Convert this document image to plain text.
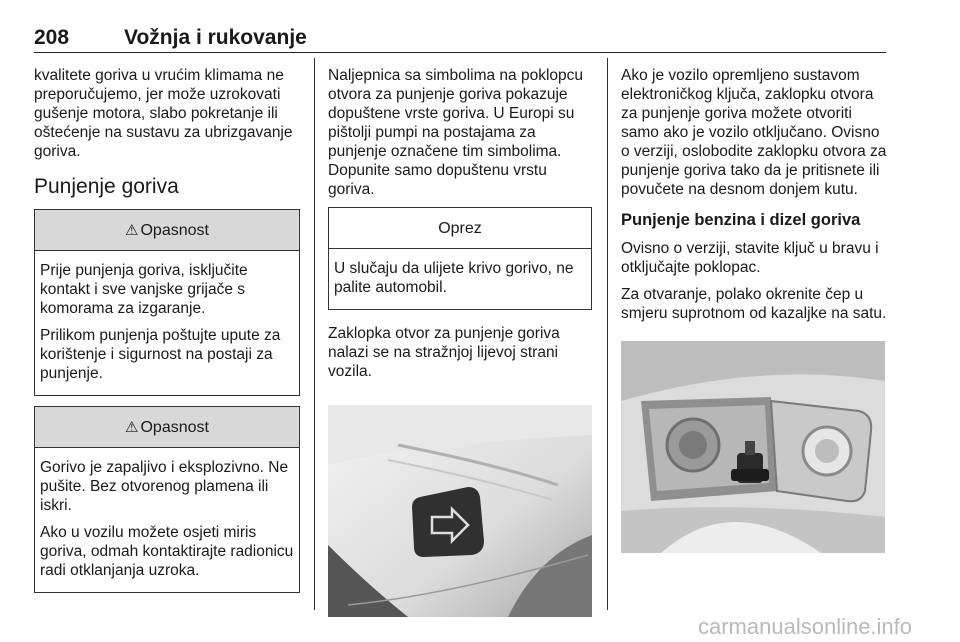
208	Vožnja i rukovanje

kvalitete goriva u vrućim klimama ne preporučujemo, jer može uzrokovati gušenje motora, slabo pokretanje ili oštećenje na sustavu za ubrizgavanje goriva.

Punjenje goriva
⚠ Opasnost

Prije punjenja goriva, isključite kontakt i sve vanjske grijače s komorama za izgaranje.

Prilikom punjenja poštujte upute za korištenje i sigurnost na postaji za punjenje.

⚠ Opasnost

Gorivo je zapaljivo i eksplozivno. Ne pušite. Bez otvorenog plamena ili iskri.

Ako u vozilu možete osjeti miris goriva, odmah kontaktirajte radionicu radi otklanjanja uzroka.

Naljepnica sa simbolima na poklopcu otvora za punjenje goriva pokazuje dopuštene vrste goriva. U Europi su pištolji pumpi na postajama za punjenje označene tim simbolima. Dopunite samo dopuštenu vrstu goriva.

Oprez

U slučaju da ulijete krivo gorivo, ne palite automobil.

Zaklopka otvor za punjenje goriva nalazi se na stražnjoj lijevoj strani vozila.

Ako je vozilo opremljeno sustavom elektroničkog ključa, zaklopku otvora za punjenje goriva možete otvoriti samo ako je vozilo otključano. Ovisno o verziji, oslobodite zaklopku otvora za punjenje goriva tako da je pritisnete ili povučete na desnom donjem kutu.

Punjenje benzina i dizel goriva

Ovisno o verziji, stavite ključ u bravu i otključajte poklopac.

Za otvaranje, polako okrenite čep u smjeru suprotnom od kazaljke na satu.

carmanualsonline.info
